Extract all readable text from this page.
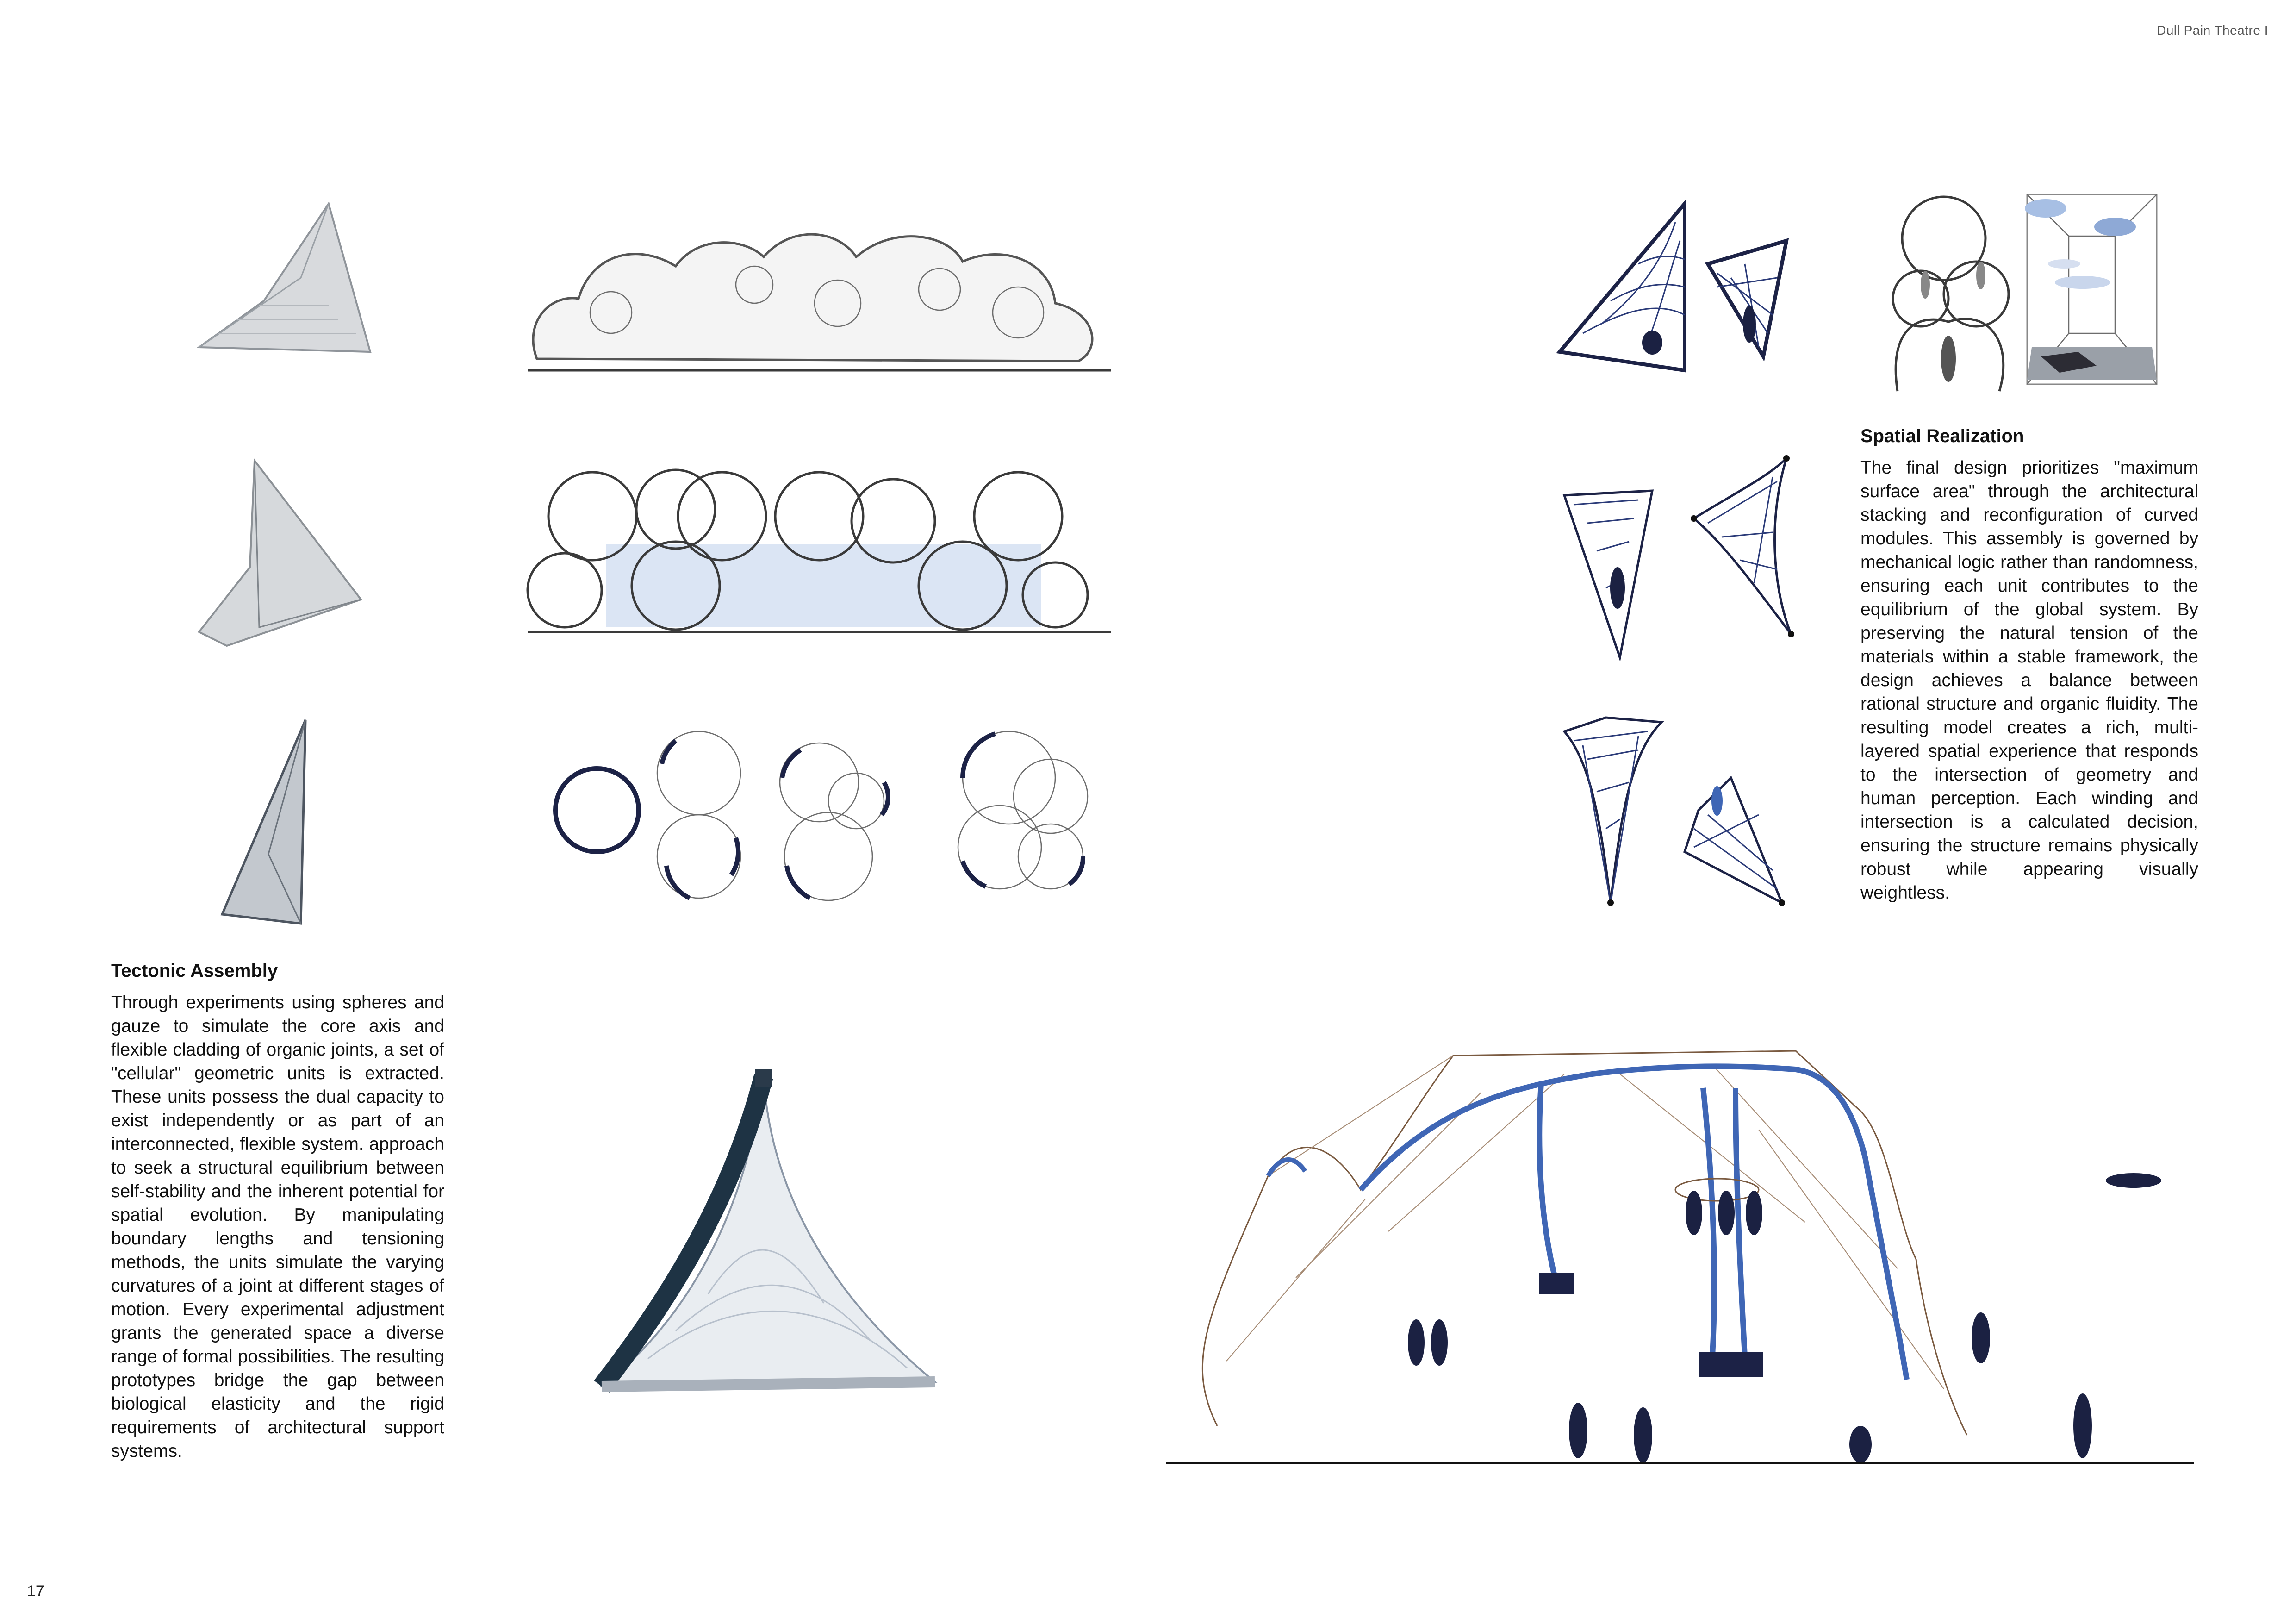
Dull Pain Theatre I
17
Tectonic Assembly

Through experiments using spheres and gauze to simulate the core axis and flexible cladding of organic joints, a set of "cellular" geometric units is extracted. These units possess the dual capacity to exist independently or as part of an interconnected, flexible system. approach to seek a structural equilibrium between self-stability and the inherent potential for spatial evolution. By manipulating boundary lengths and tensioning methods, the units simulate the varying curvatures of a joint at different stages of motion. Every experimental adjustment grants the generated space a diverse range of formal possibilities. The resulting prototypes bridge the gap between biological elasticity and the rigid requirements of architectural support systems.

Spatial Realization

The final design prioritizes "maximum surface area" through the architectural stacking and reconfiguration of curved modules. This assembly is governed by mechanical logic rather than randomness, ensuring each unit contributes to the equilibrium of the global system. By preserving the natural tension of the materials within a stable framework, the design achieves a balance between rational structure and organic fluidity. The resulting model creates a rich, multi-layered spatial experience that responds to the intersection of geometry and human perception. Each winding and intersection is a calculated decision, ensuring the structure remains physically robust while appearing visually weightless.
